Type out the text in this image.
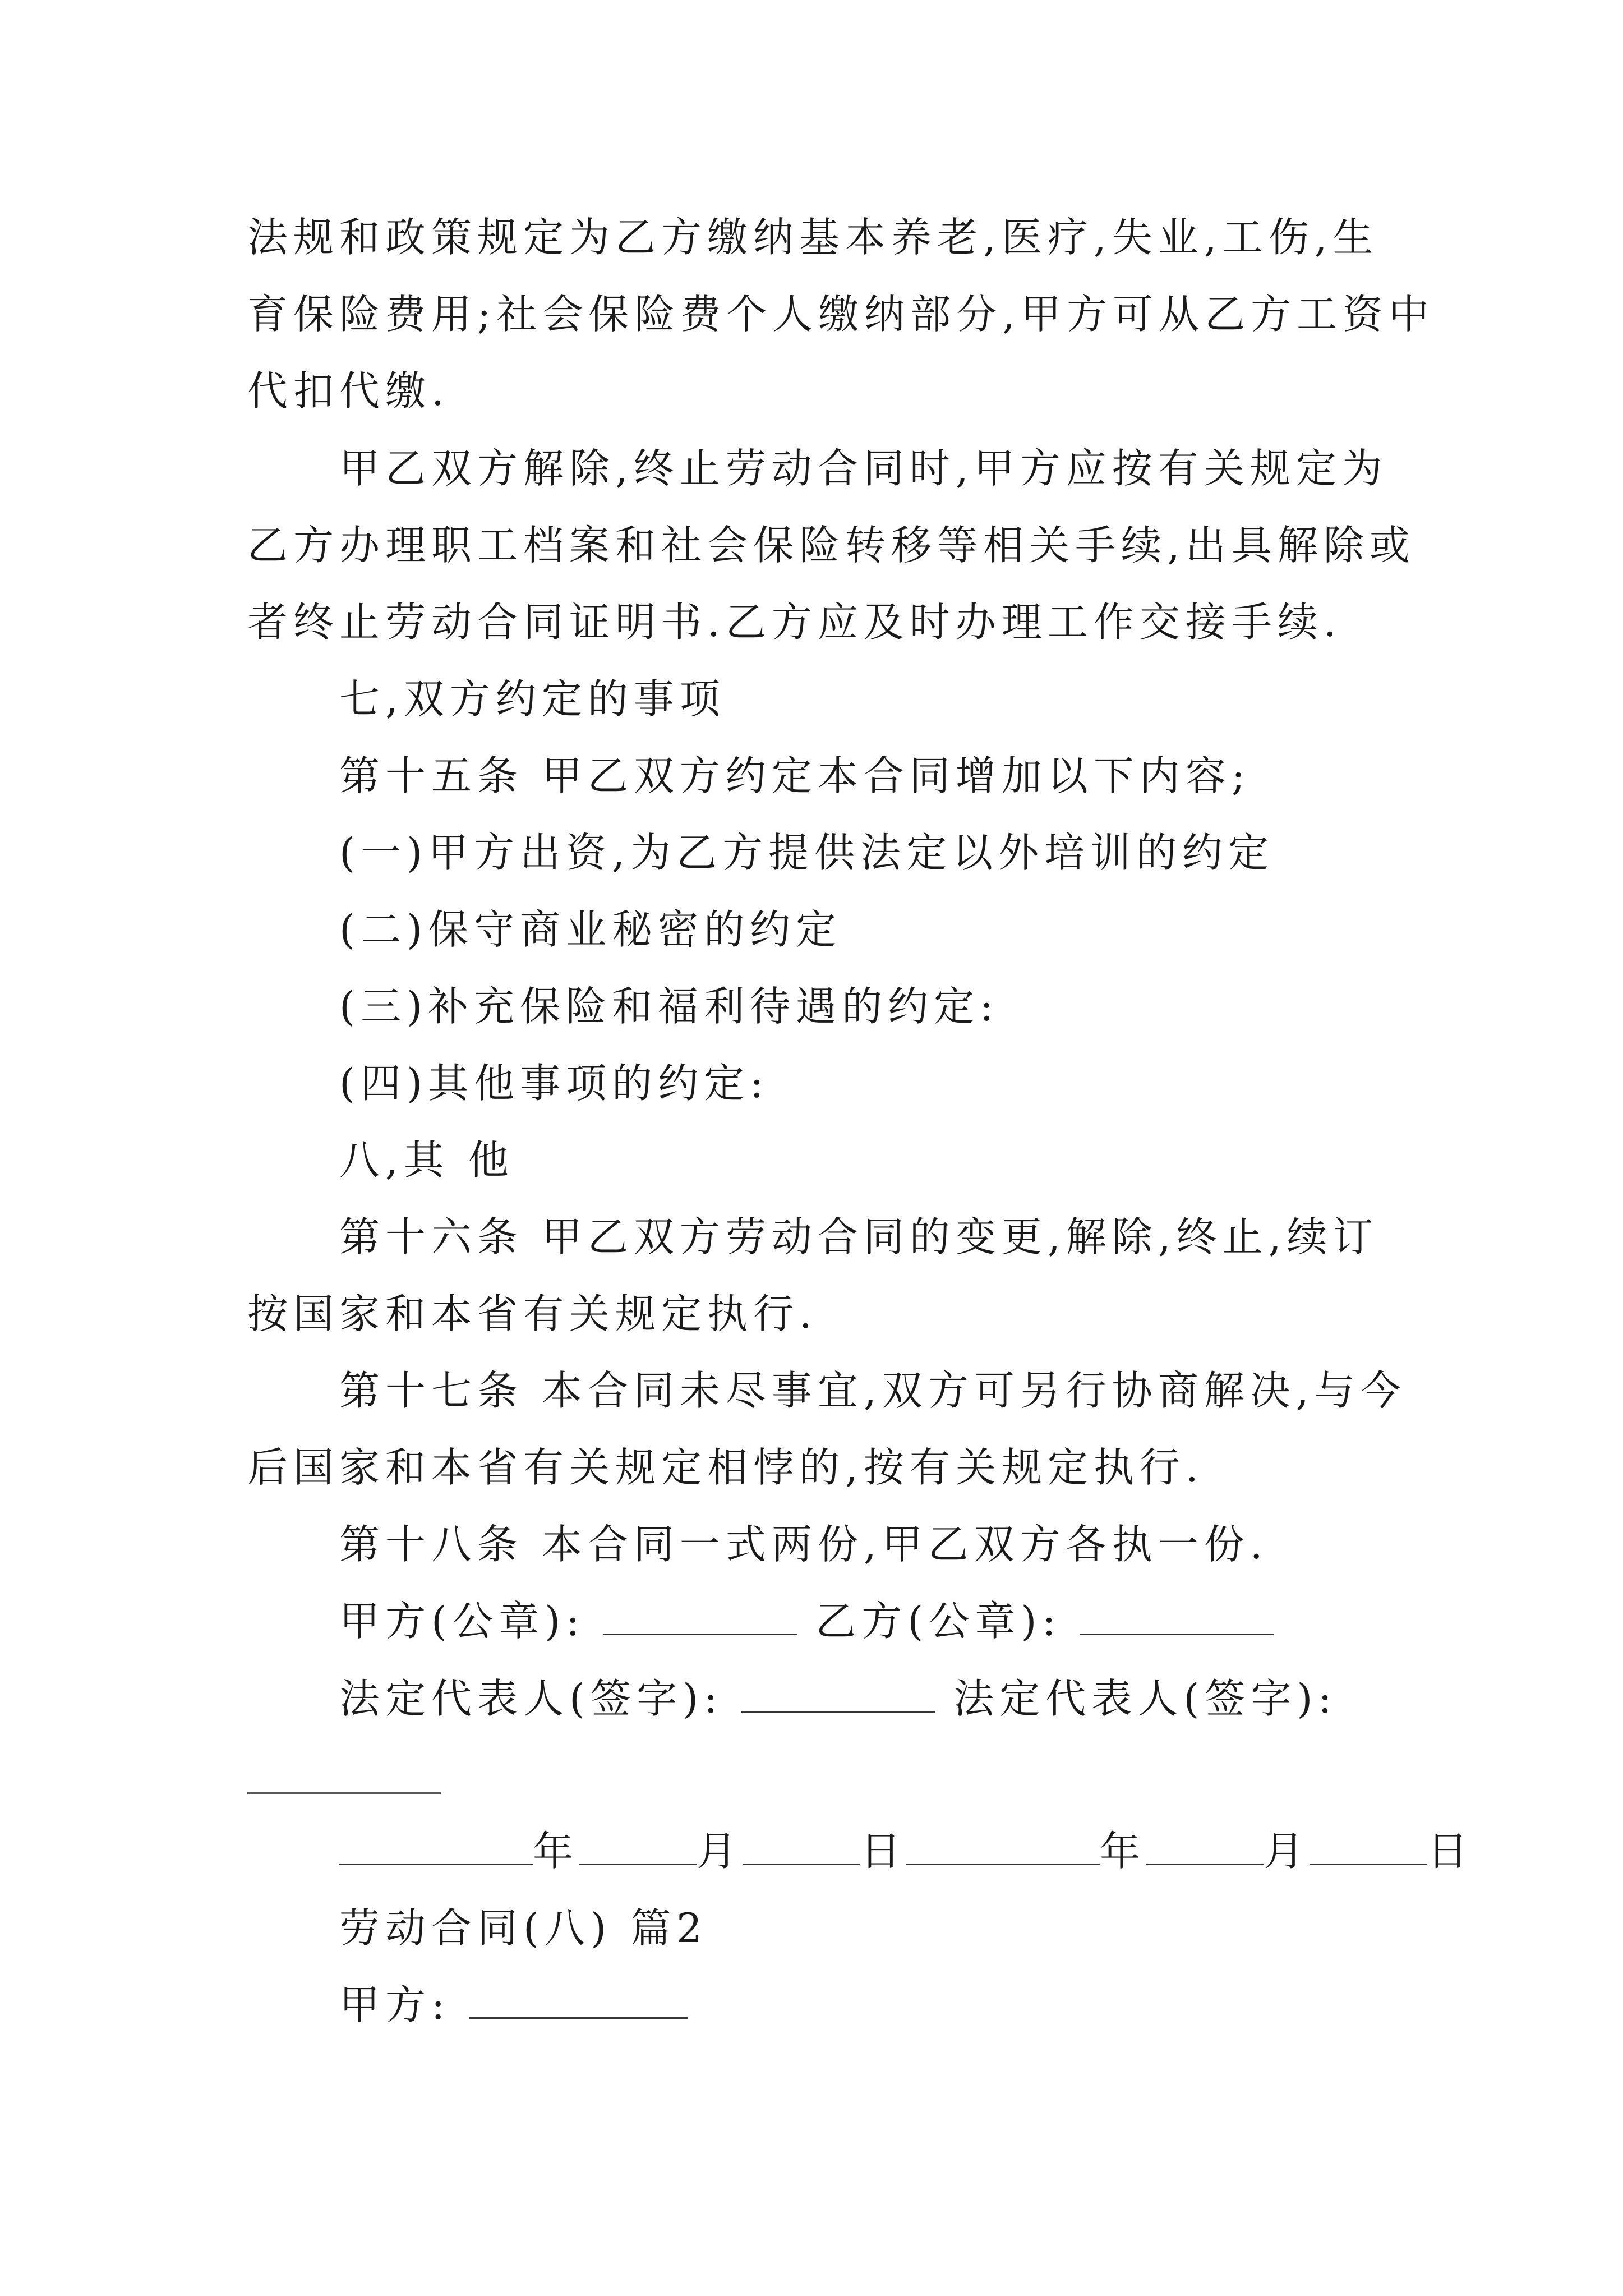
法规和政策规定为乙方缴纳基本养老,医疗,失业,工伤,生
育保险费用;社会保险费个人缴纳部分,甲方可从乙方工资中
代扣代缴.
甲乙双方解除,终止劳动合同时,甲方应按有关规定为
乙方办理职工档案和社会保险转移等相关手续,出具解除或
者终止劳动合同证明书.乙方应及时办理工作交接手续.
七,双方约定的事项
第十五条 甲乙双方约定本合同增加以下内容;
(一)甲方出资,为乙方提供法定以外培训的约定
(二)保守商业秘密的约定
(三)补充保险和福利待遇的约定:
(四)其他事项的约定:
八,其 他
第十六条 甲乙双方劳动合同的变更,解除,终止,续订
按国家和本省有关规定执行.
第十七条 本合同未尽事宜,双方可另行协商解决,与今
后国家和本省有关规定相悖的,按有关规定执行.
第十八条 本合同一式两份,甲乙双方各执一份.
甲方(公章):	乙方(公章):
法定代表人(签字):	法定代表人(签字):
年	月	日	年	月	日
劳动合同(八) 篇2
甲方:
